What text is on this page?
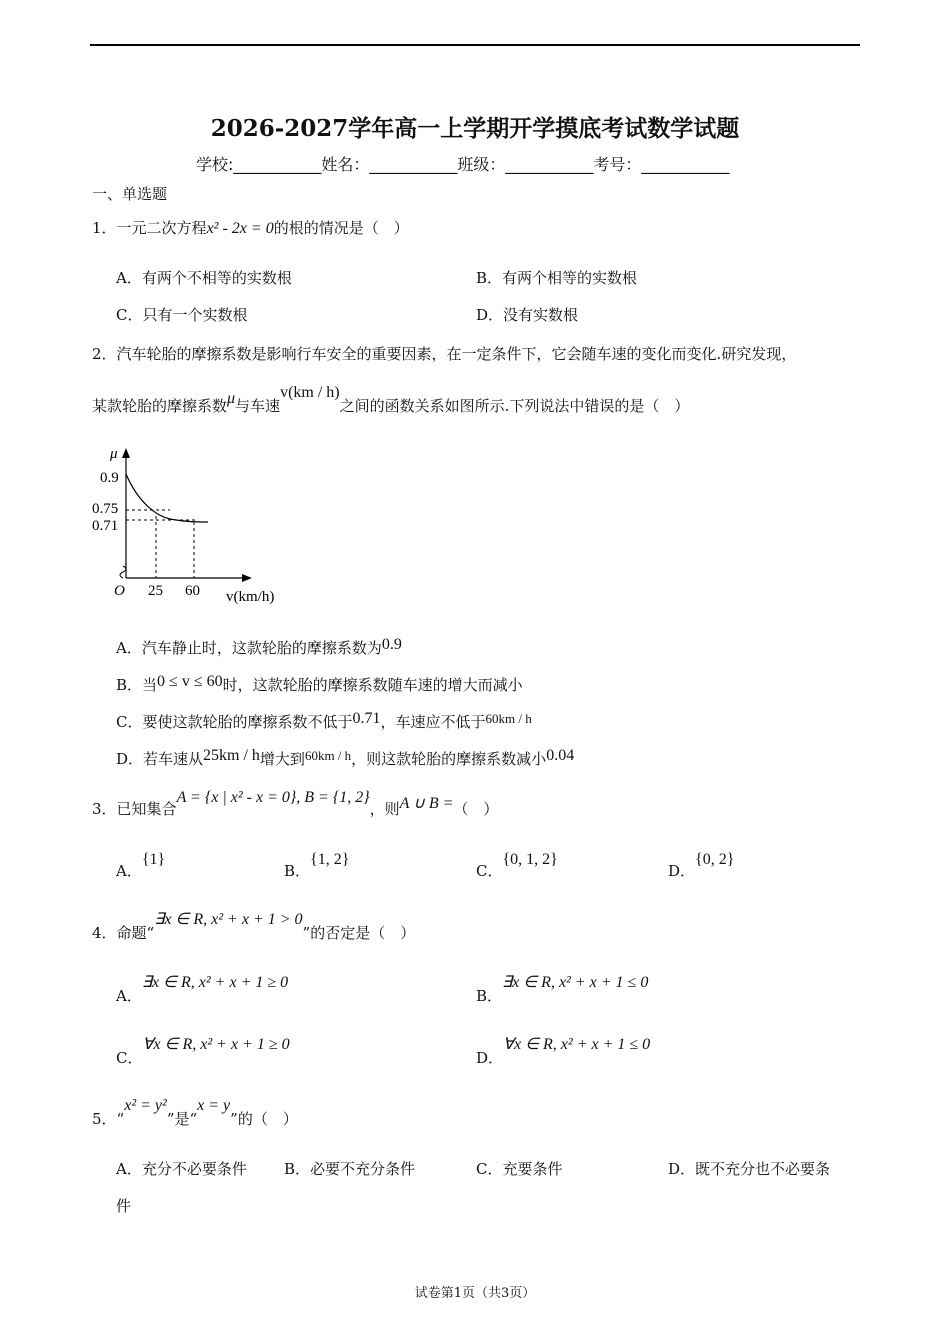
2026-2027学年高一上学期开学摸底考试数学试题
学校:___________姓名：___________班级：___________考号：___________
一、单选题
1．一元二次方程x² - 2x = 0的根的情况是（　）
A．有两个不相等的实数根	B．有两个相等的实数根
C．只有一个实数根	D．没有实数根
2．汽车轮胎的摩擦系数是影响行车安全的重要因素，在一定条件下，它会随车速的变化而变化.研究发现，
某款轮胎的摩擦系数μ与车速v(km / h)之间的函数关系如图所示.下列说法中错误的是（　）
μ
0.9
0.75
0.71
O 25 60 v(km/h)
A．汽车静止时，这款轮胎的摩擦系数为0.9
B．当0 ≤ v ≤ 60时，这款轮胎的摩擦系数随车速的增大而减小
C．要使这款轮胎的摩擦系数不低于0.71，车速应不低于60km / h
D．若车速从25km / h增大到60km / h，则这款轮胎的摩擦系数减小0.04
3．已知集合A = {x | x² - x = 0}, B = {1, 2}，则A ∪ B =（　）
A．{1}
B．{1, 2}
C．{0, 1, 2}
D．{0, 2}
4．命题“∃x ∈ R, x² + x + 1 > 0”的否定是（　）
A．∃x ∈ R, x² + x + 1 ≥ 0
B．∃x ∈ R, x² + x + 1 ≤ 0
C．∀x ∈ R, x² + x + 1 ≥ 0
D．∀x ∈ R, x² + x + 1 ≤ 0
5．“x² = y²”是“x = y”的（　）
A．充分不必要条件 B．必要不充分条件	C．充要条件	D．既不充分也不必要条
件
试卷第1页（共3页）
